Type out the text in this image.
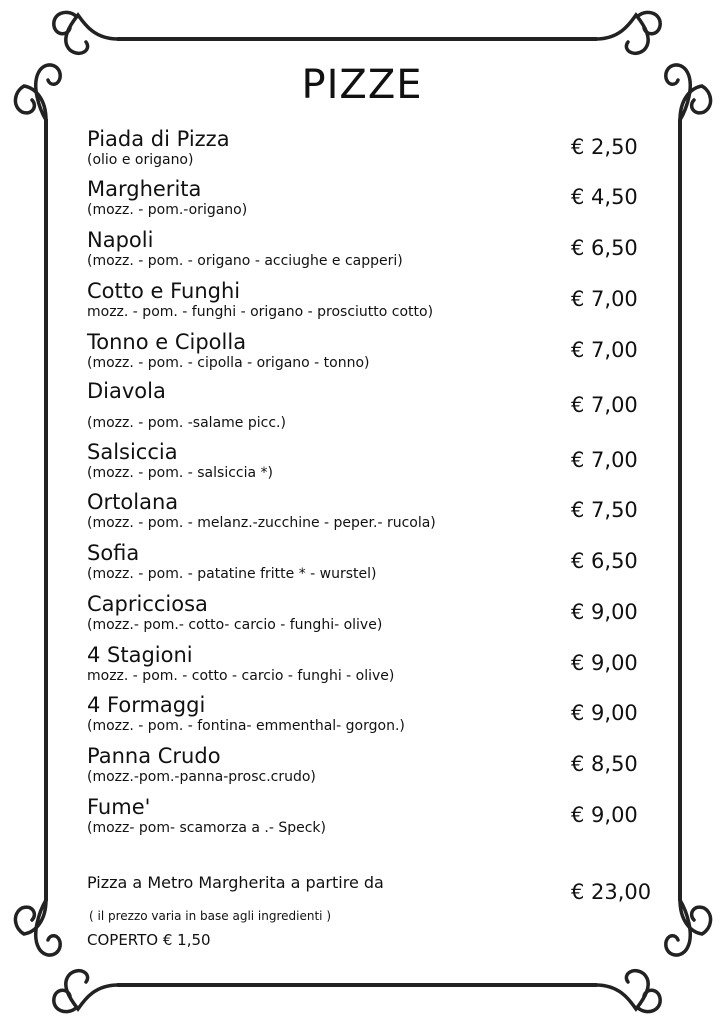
PIZZE
Piada di Pizza
(olio e origano)
€ 2,50
Margherita
(mozz. - pom.-origano)
€ 4,50
Napoli
(mozz. - pom. - origano - acciughe e capperi)
€ 6,50
Cotto e Funghi
mozz. - pom. - funghi - origano - prosciutto cotto)
€ 7,00
Tonno e Cipolla
(mozz. - pom. - cipolla - origano - tonno)
€ 7,00
Diavola
(mozz. - pom. -salame picc.)
€ 7,00
Salsiccia
(mozz. - pom. - salsiccia *)
€ 7,00
Ortolana
(mozz. - pom. - melanz.-zucchine - peper.- rucola)
€ 7,50
Sofia
(mozz. - pom. - patatine fritte * - wurstel)
€ 6,50
Capricciosa
(mozz.- pom.- cotto- carcio - funghi- olive)
€ 9,00
4 Stagioni
mozz. - pom. - cotto - carcio - funghi - olive)
€ 9,00
4 Formaggi
(mozz. - pom. - fontina- emmenthal- gorgon.)
€ 9,00
Panna Crudo
(mozz.-pom.-panna-prosc.crudo)
€ 8,50
Fume'
(mozz- pom- scamorza a .- Speck)
€ 9,00
Pizza a Metro Margherita a partire da	€ 23,00
( il prezzo varia in base agli ingredienti )
COPERTO € 1,50
